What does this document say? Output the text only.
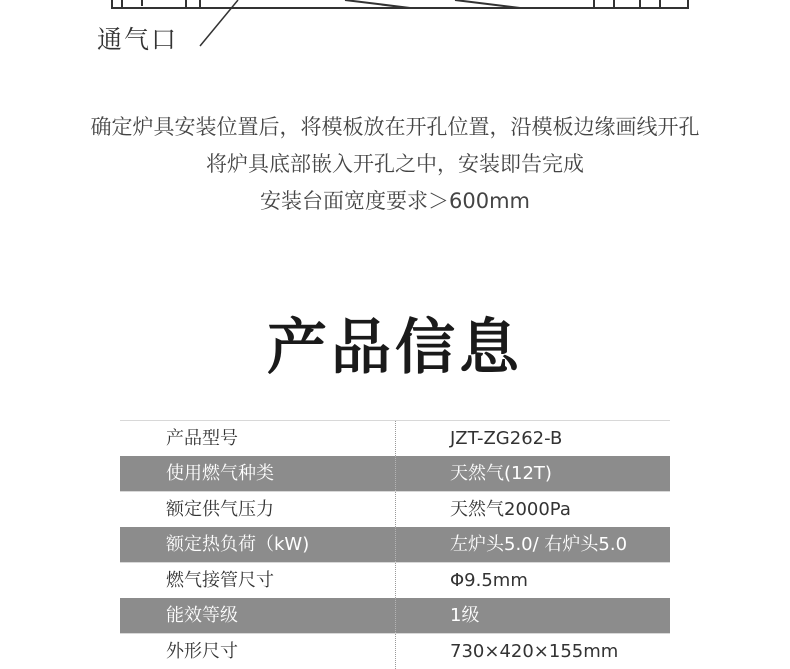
通气口
确定炉具安装位置后，将模板放在开孔位置，沿模板边缘画线开孔
将炉具底部嵌入开孔之中，安装即告完成
安装台面宽度要求＞600mm
产品信息
产品型号	JZT-ZG262-B
使用燃气种类	天然气(12T)
额定供气压力	天然气2000Pa
额定热负荷（kW)	左炉头5.0/ 右炉头5.0
燃气接管尺寸	Φ9.5mm
能效等级	1级
外形尺寸	730×420×155mm
